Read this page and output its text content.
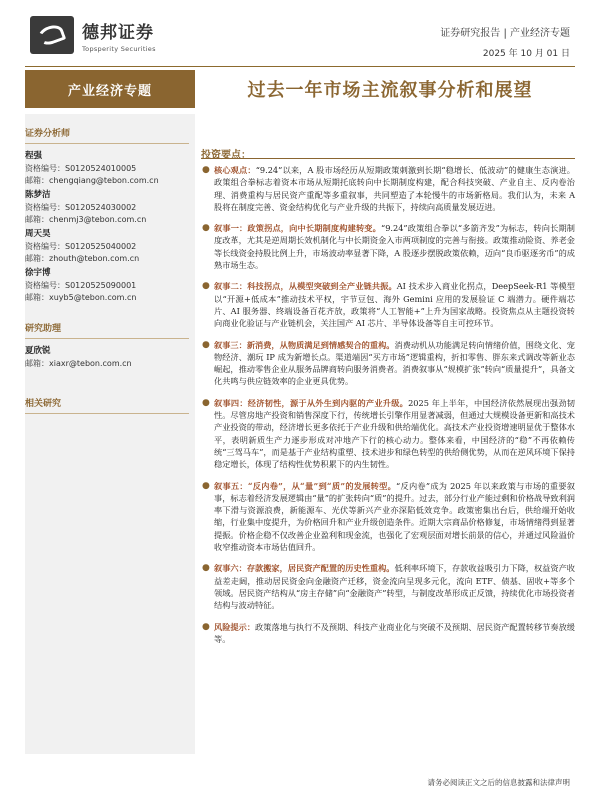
德邦证券
Topsperity Securities
证券研究报告 | 产业经济专题
2025 年 10 月 01 日
产业经济专题	过去一年市场主流叙事分析和展望
证券分析师
程强
资格编号：S0120524010005
邮箱：chengqiang@tebon.com.cn
陈梦洁
资格编号：S0120524030002
邮箱：chenmj3@tebon.com.cn
周天昊
资格编号：S0120525040002
邮箱：zhouth@tebon.com.cn
徐宇博
资格编号：S0120525090001
邮箱：xuyb5@tebon.com.cn
研究助理
夏欣锐
邮箱：xiaxr@tebon.com.cn
相关研究
投资要点：
● 核心观点：“9.24”以来，A 股市场经历从短期政策刺激到长期“稳增长、低波动”的健康生态演进。政策组合拳标志着资本市场从短期托底转向中长期制度构建，配合科技突破、产业自主、反内卷治理、消费重构与居民资产重配等多重叙事，共同塑造了本轮慢牛的市场新格局。我们认为，未来 A 股将在制度完善、资金结构优化与产业升级的共振下，持续向高质量发展迈进。
● 叙事一：政策拐点，向中长期制度构建转变。“9.24”政策组合拳以“多箭齐发”为标志，转向长期制度改革，尤其是逆周期长效机制化与中长期资金入市两项制度的完善与衔接。政策推动险资、养老金等长线资金持股比例上升，市场波动率显著下降，A 股逐步摆脱政策依赖，迈向“良币驱逐劣币”的成熟市场生态。
● 叙事二：科技拐点，从模型突破到全产业链共振。AI 技术步入商业化拐点，DeepSeek-R1 等模型以“开源+低成本”推动技术平权，宇节豆包、海外 Gemini 应用的发展验证 C 端潜力。硬件端芯片、AI 服务器、终端设备百花齐放，政策将“人工智能+”上升为国家战略。投资焦点从主题投资转向商业化验证与产业链机会，关注国产 AI 芯片、半导体设备等自主可控环节。
● 叙事三：新消费，从物质满足到情感契合的重构。消费动机从功能满足转向情绪价值，围绕文化、宠物经济、潮玩 IP 成为新增长点。渠道端因“买方市场”逻辑重构，折扣零售、胖东来式调改等新业态崛起，推动零售企业从服务品牌商转向服务消费者。消费叙事从“规模扩张”转向“质量提升”，具备文化共鸣与供应链效率的企业更具优势。
● 叙事四：经济韧性，源于从外生到内驱的产业升级。2025 年上半年，中国经济依然展现出强劲韧性。尽管房地产投资和销售深度下行，传统增长引擎作用显著减弱，但通过大规模设备更新和高技术产业投资的带动，经济增长更多依托于产业升级和供给端优化。高技术产业投资增速明显优于整体水平，表明新质生产力逐步形成对冲地产下行的核心动力。整体来看，中国经济的“稳”不再依赖传统“三驾马车”，而是基于产业结构重塑、技术进步和绿色转型的供给侧优势，从而在逆风环境下保持稳定增长，体现了结构性优势积累下的内生韧性。
● 叙事五：“反内卷”，从“量”到“质”的发展转型。“反内卷”成为 2025 年以来政策与市场的重要叙事，标志着经济发展逻辑由“量”的扩张转向“质”的提升。过去，部分行业产能过剩和价格战导致利润率下滑与资源浪费，新能源车、光伏等新兴产业亦深陷低效竞争。政策密集出台后，供给端开始收缩，行业集中度提升，为价格回升和产业升级创造条件。近期大宗商品价格修复，市场情绪得到显著提振。价格企稳不仅改善企业盈利和现金流，也强化了宏观层面对增长前景的信心，并通过风险溢价收窄推动资本市场估值回升。
● 叙事六：存款搬家，居民资产配置的历史性重构。低利率环境下，存款收益吸引力下降，权益资产收益差走阔，推动居民资金向金融资产迁移，资金流向呈现多元化，流向 ETF、债基、固收+等多个领域。居民资产结构从“房主存储”向“金融资产”转型，与制度改革形成正反馈，持续优化市场投资者结构与波动特征。
● 风险提示：政策落地与执行不及预期、科技产业商业化与突破不及预期、居民资产配置转移节奏放缓等。
请务必阅读正文之后的信息披露和法律声明
